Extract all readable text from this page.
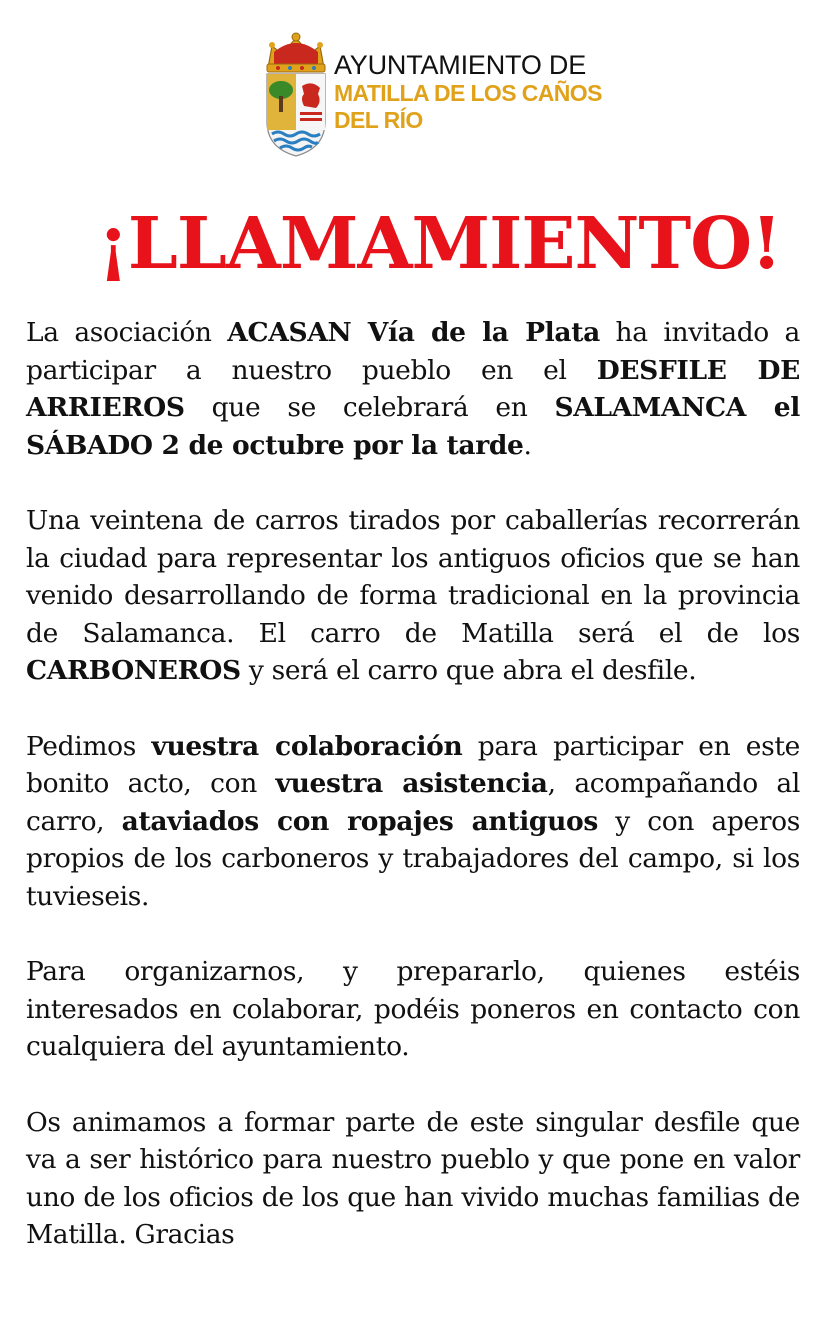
AYUNTAMIENTO DE
MATILLA DE LOS CAÑOS
DEL RÍO
¡LLAMAMIENTO!

La asociación ACASAN Vía de la Plata ha invitado a participar a nuestro pueblo en el DESFILE DE ARRIEROS que se celebrará en SALAMANCA el SÁBADO 2 de octubre por la tarde.

Una veintena de carros tirados por caballerías recorrerán la ciudad para representar los antiguos oficios que se han venido desarrollando de forma tradicional en la provincia de Salamanca. El carro de Matilla será el de los CARBONEROS y será el carro que abra el desfile.

Pedimos vuestra colaboración para participar en este bonito acto, con vuestra asistencia, acompañando al carro, ataviados con ropajes antiguos y con aperos propios de los carboneros y trabajadores del campo, si los tuvieseis.

Para organizarnos, y prepararlo, quienes estéis interesados en colaborar, podéis poneros en contacto con cualquiera del ayuntamiento.

Os animamos a formar parte de este singular desfile que va a ser histórico para nuestro pueblo y que pone en valor uno de los oficios de los que han vivido muchas familias de Matilla. Gracias
